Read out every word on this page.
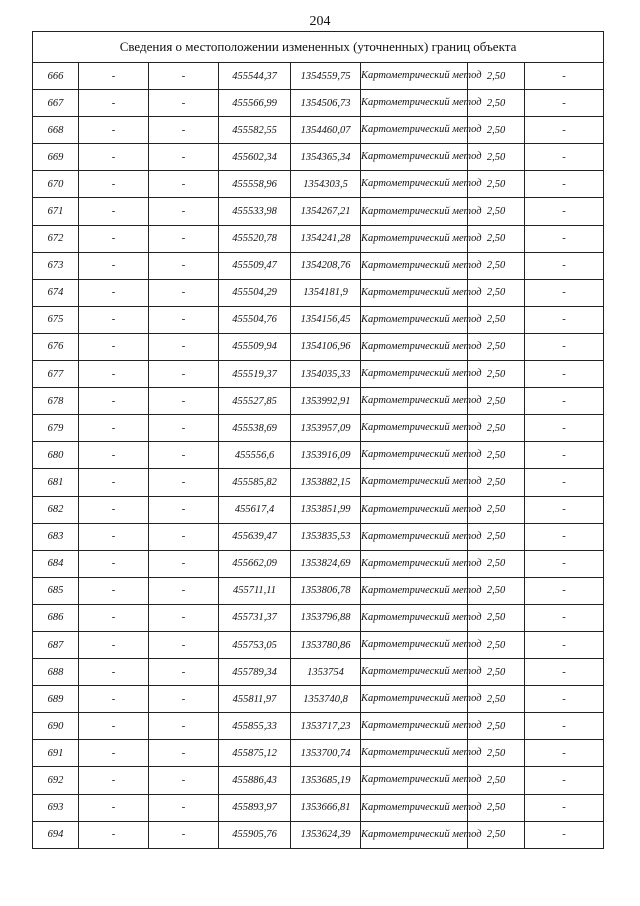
204
Сведения о местоположении измененных (уточненных) границ объекта							
666	-	-	455544,37	1354559,75	Картометрический метод	2,50	-
667	-	-	455566,99	1354506,73	Картометрический метод	2,50	-
668	-	-	455582,55	1354460,07	Картометрический метод	2,50	-
669	-	-	455602,34	1354365,34	Картометрический метод	2,50	-
670	-	-	455558,96	1354303,5	Картометрический метод	2,50	-
671	-	-	455533,98	1354267,21	Картометрический метод	2,50	-
672	-	-	455520,78	1354241,28	Картометрический метод	2,50	-
673	-	-	455509,47	1354208,76	Картометрический метод	2,50	-
674	-	-	455504,29	1354181,9	Картометрический метод	2,50	-
675	-	-	455504,76	1354156,45	Картометрический метод	2,50	-
676	-	-	455509,94	1354106,96	Картометрический метод	2,50	-
677	-	-	455519,37	1354035,33	Картометрический метод	2,50	-
678	-	-	455527,85	1353992,91	Картометрический метод	2,50	-
679	-	-	455538,69	1353957,09	Картометрический метод	2,50	-
680	-	-	455556,6	1353916,09	Картометрический метод	2,50	-
681	-	-	455585,82	1353882,15	Картометрический метод	2,50	-
682	-	-	455617,4	1353851,99	Картометрический метод	2,50	-
683	-	-	455639,47	1353835,53	Картометрический метод	2,50	-
684	-	-	455662,09	1353824,69	Картометрический метод	2,50	-
685	-	-	455711,11	1353806,78	Картометрический метод	2,50	-
686	-	-	455731,37	1353796,88	Картометрический метод	2,50	-
687	-	-	455753,05	1353780,86	Картометрический метод	2,50	-
688	-	-	455789,34	1353754	Картометрический метод	2,50	-
689	-	-	455811,97	1353740,8	Картометрический метод	2,50	-
690	-	-	455855,33	1353717,23	Картометрический метод	2,50	-
691	-	-	455875,12	1353700,74	Картометрический метод	2,50	-
692	-	-	455886,43	1353685,19	Картометрический метод	2,50	-
693	-	-	455893,97	1353666,81	Картометрический метод	2,50	-
694	-	-	455905,76	1353624,39	Картометрический метод	2,50	-
